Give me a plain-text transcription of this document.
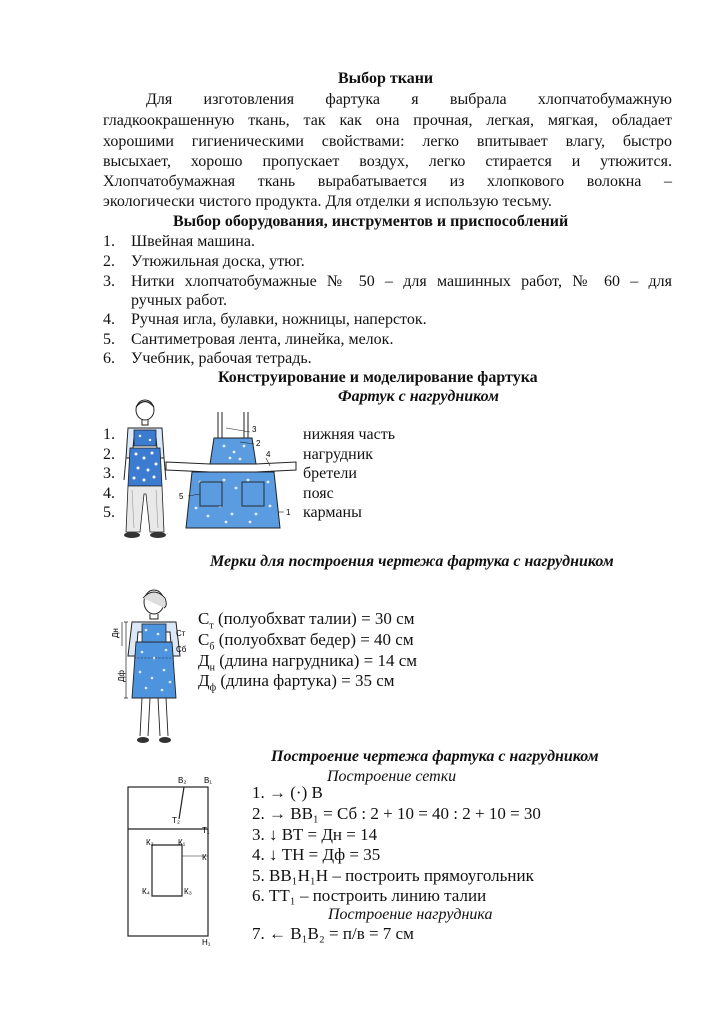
Выбор ткани
Для изготовления фартука я выбрала хлопчатобумажную
гладкоокрашенную ткань, так как она прочная, легкая, мягкая, обладает
хорошими гигиеническими свойствами: легко впитывает влагу, быстро
высыхает, хорошо пропускает воздух, легко стирается и утюжится.
Хлопчатобумажная ткань вырабатывается из хлопкового волокна –
экологически чистого продукта. Для отделки я использую тесьму.
Выбор оборудования, инструментов и приспособлений
1. Швейная машина.
2. Утюжильная доска, утюг.
3. Нитки хлопчатобумажные № 50 – для машинных работ, № 60 – для
ручных работ.
4. Ручная игла, булавки, ножницы, наперсток.
5. Сантиметровая лента, линейка, мелок.
6. Учебник, рабочая тетрадь.
Конструирование и моделирование фартука
Фартук с нагрудником
3
2
4
5
1
1.	нижняя часть
2.	нагрудник
3.	бретели
4.	пояс
5.	карманы
Мерки для построения чертежа фартука с нагрудником
Ст
Сб
Дн
Дф
$С_т$ (полуобхват талии) = 30 см
$С_б$ (полуобхват бедер) = 40 см
$Д_н$ (длина нагрудника) = 14 см
$Д_ф$ (длина фартука) = 35 см
Построение чертежа фартука с нагрудником
Построение сетки
В₂ В₁
Т₂
Т₁
К₂	К₁
К
К₄	К₃
Н₁
1. → (·) В
2. → ВВ₁ = Сб : 2 + 10 = 40 : 2 + 10 = 30
3. ↓ ВТ = Дн = 14
4. ↓ ТН = Дф = 35
5. ВВ₁Н₁Н – построить прямоугольник
6. ТТ₁ – построить линию талии
Построение нагрудника
7. ← В₁В₂ = п/в = 7 см
